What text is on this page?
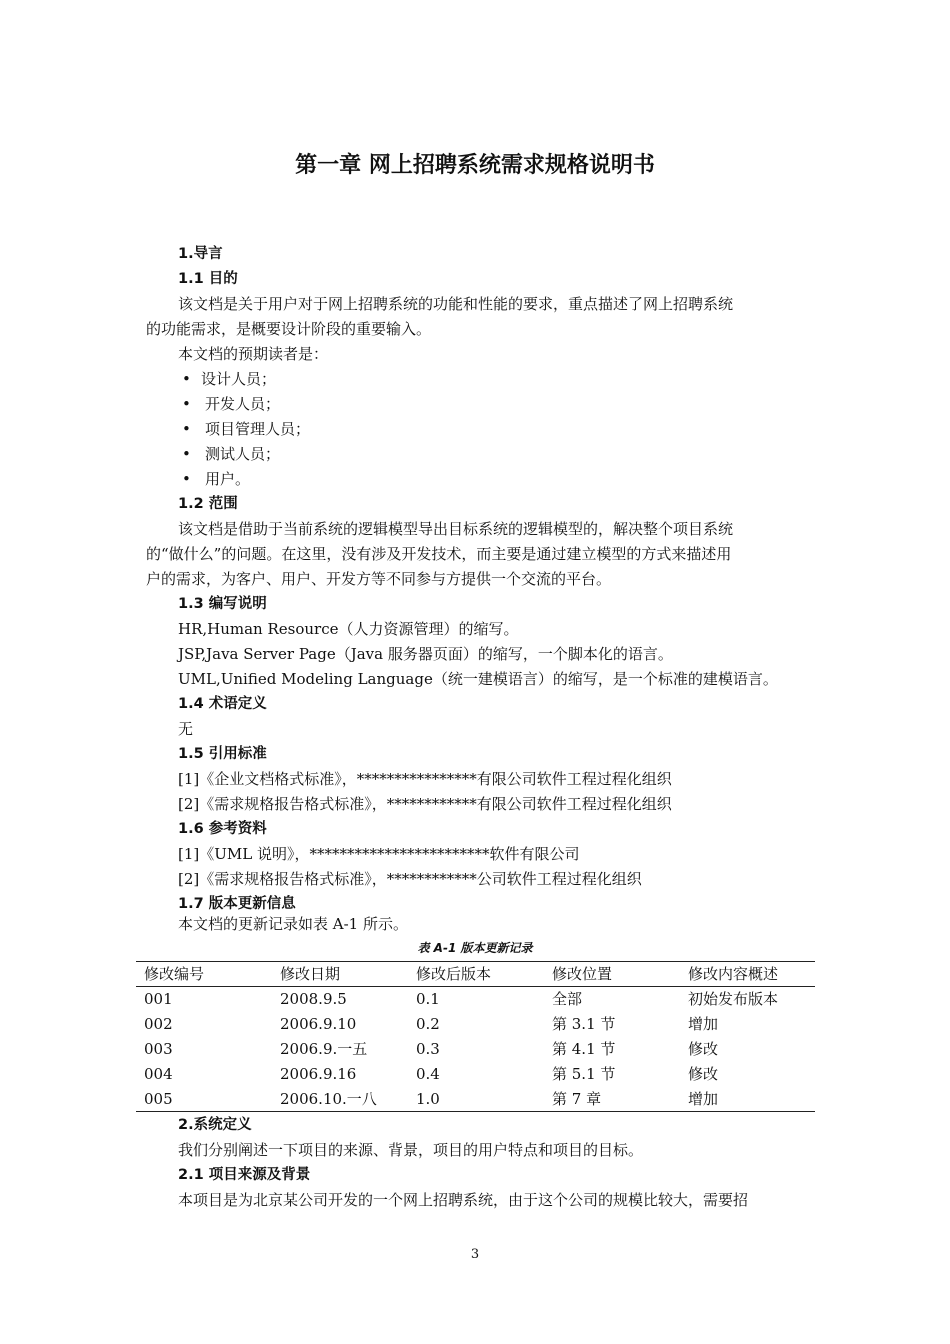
第一章 网上招聘系统需求规格说明书
1.导言
1.1 目的
该文档是关于用户对于网上招聘系统的功能和性能的要求，重点描述了网上招聘系统
的功能需求，是概要设计阶段的重要输入。
本文档的预期读者是：
• 设计人员；
• 开发人员；
• 项目管理人员；
• 测试人员；
• 用户。
1.2 范围
该文档是借助于当前系统的逻辑模型导出目标系统的逻辑模型的，解决整个项目系统
的“做什么”的问题。在这里，没有涉及开发技术，而主要是通过建立模型的方式来描述用
户的需求，为客户、用户、开发方等不同参与方提供一个交流的平台。
1.3 编写说明
HR,Human Resource（人力资源管理）的缩写。
JSP,Java Server Page（Java 服务器页面）的缩写，一个脚本化的语言。
UML,Unified Modeling Language（统一建模语言）的缩写，是一个标准的建模语言。
1.4 术语定义
无
1.5 引用标准
[1]《企业文档格式标准》，****************有限公司软件工程过程化组织
[2]《需求规格报告格式标准》，************有限公司软件工程过程化组织
1.6 参考资料
[1]《UML 说明》，************************软件有限公司
[2]《需求规格报告格式标准》，************公司软件工程过程化组织
1.7 版本更新信息
本文档的更新记录如表 A-1 所示。
表 A-1 版本更新记录
修改编号	修改日期	修改后版本	修改位置	修改内容概述
001	2008.9.5	0.1	全部	初始发布版本
002	2006.9.10	0.2	第 3.1 节	增加
003	2006.9.一五	0.3	第 4.1 节	修改
004	2006.9.16	0.4	第 5.1 节	修改
005	2006.10.一八	1.0	第 7 章	增加
2.系统定义
我们分别阐述一下项目的来源、背景，项目的用户特点和项目的目标。
2.1 项目来源及背景
本项目是为北京某公司开发的一个网上招聘系统，由于这个公司的规模比较大，需要招
3
